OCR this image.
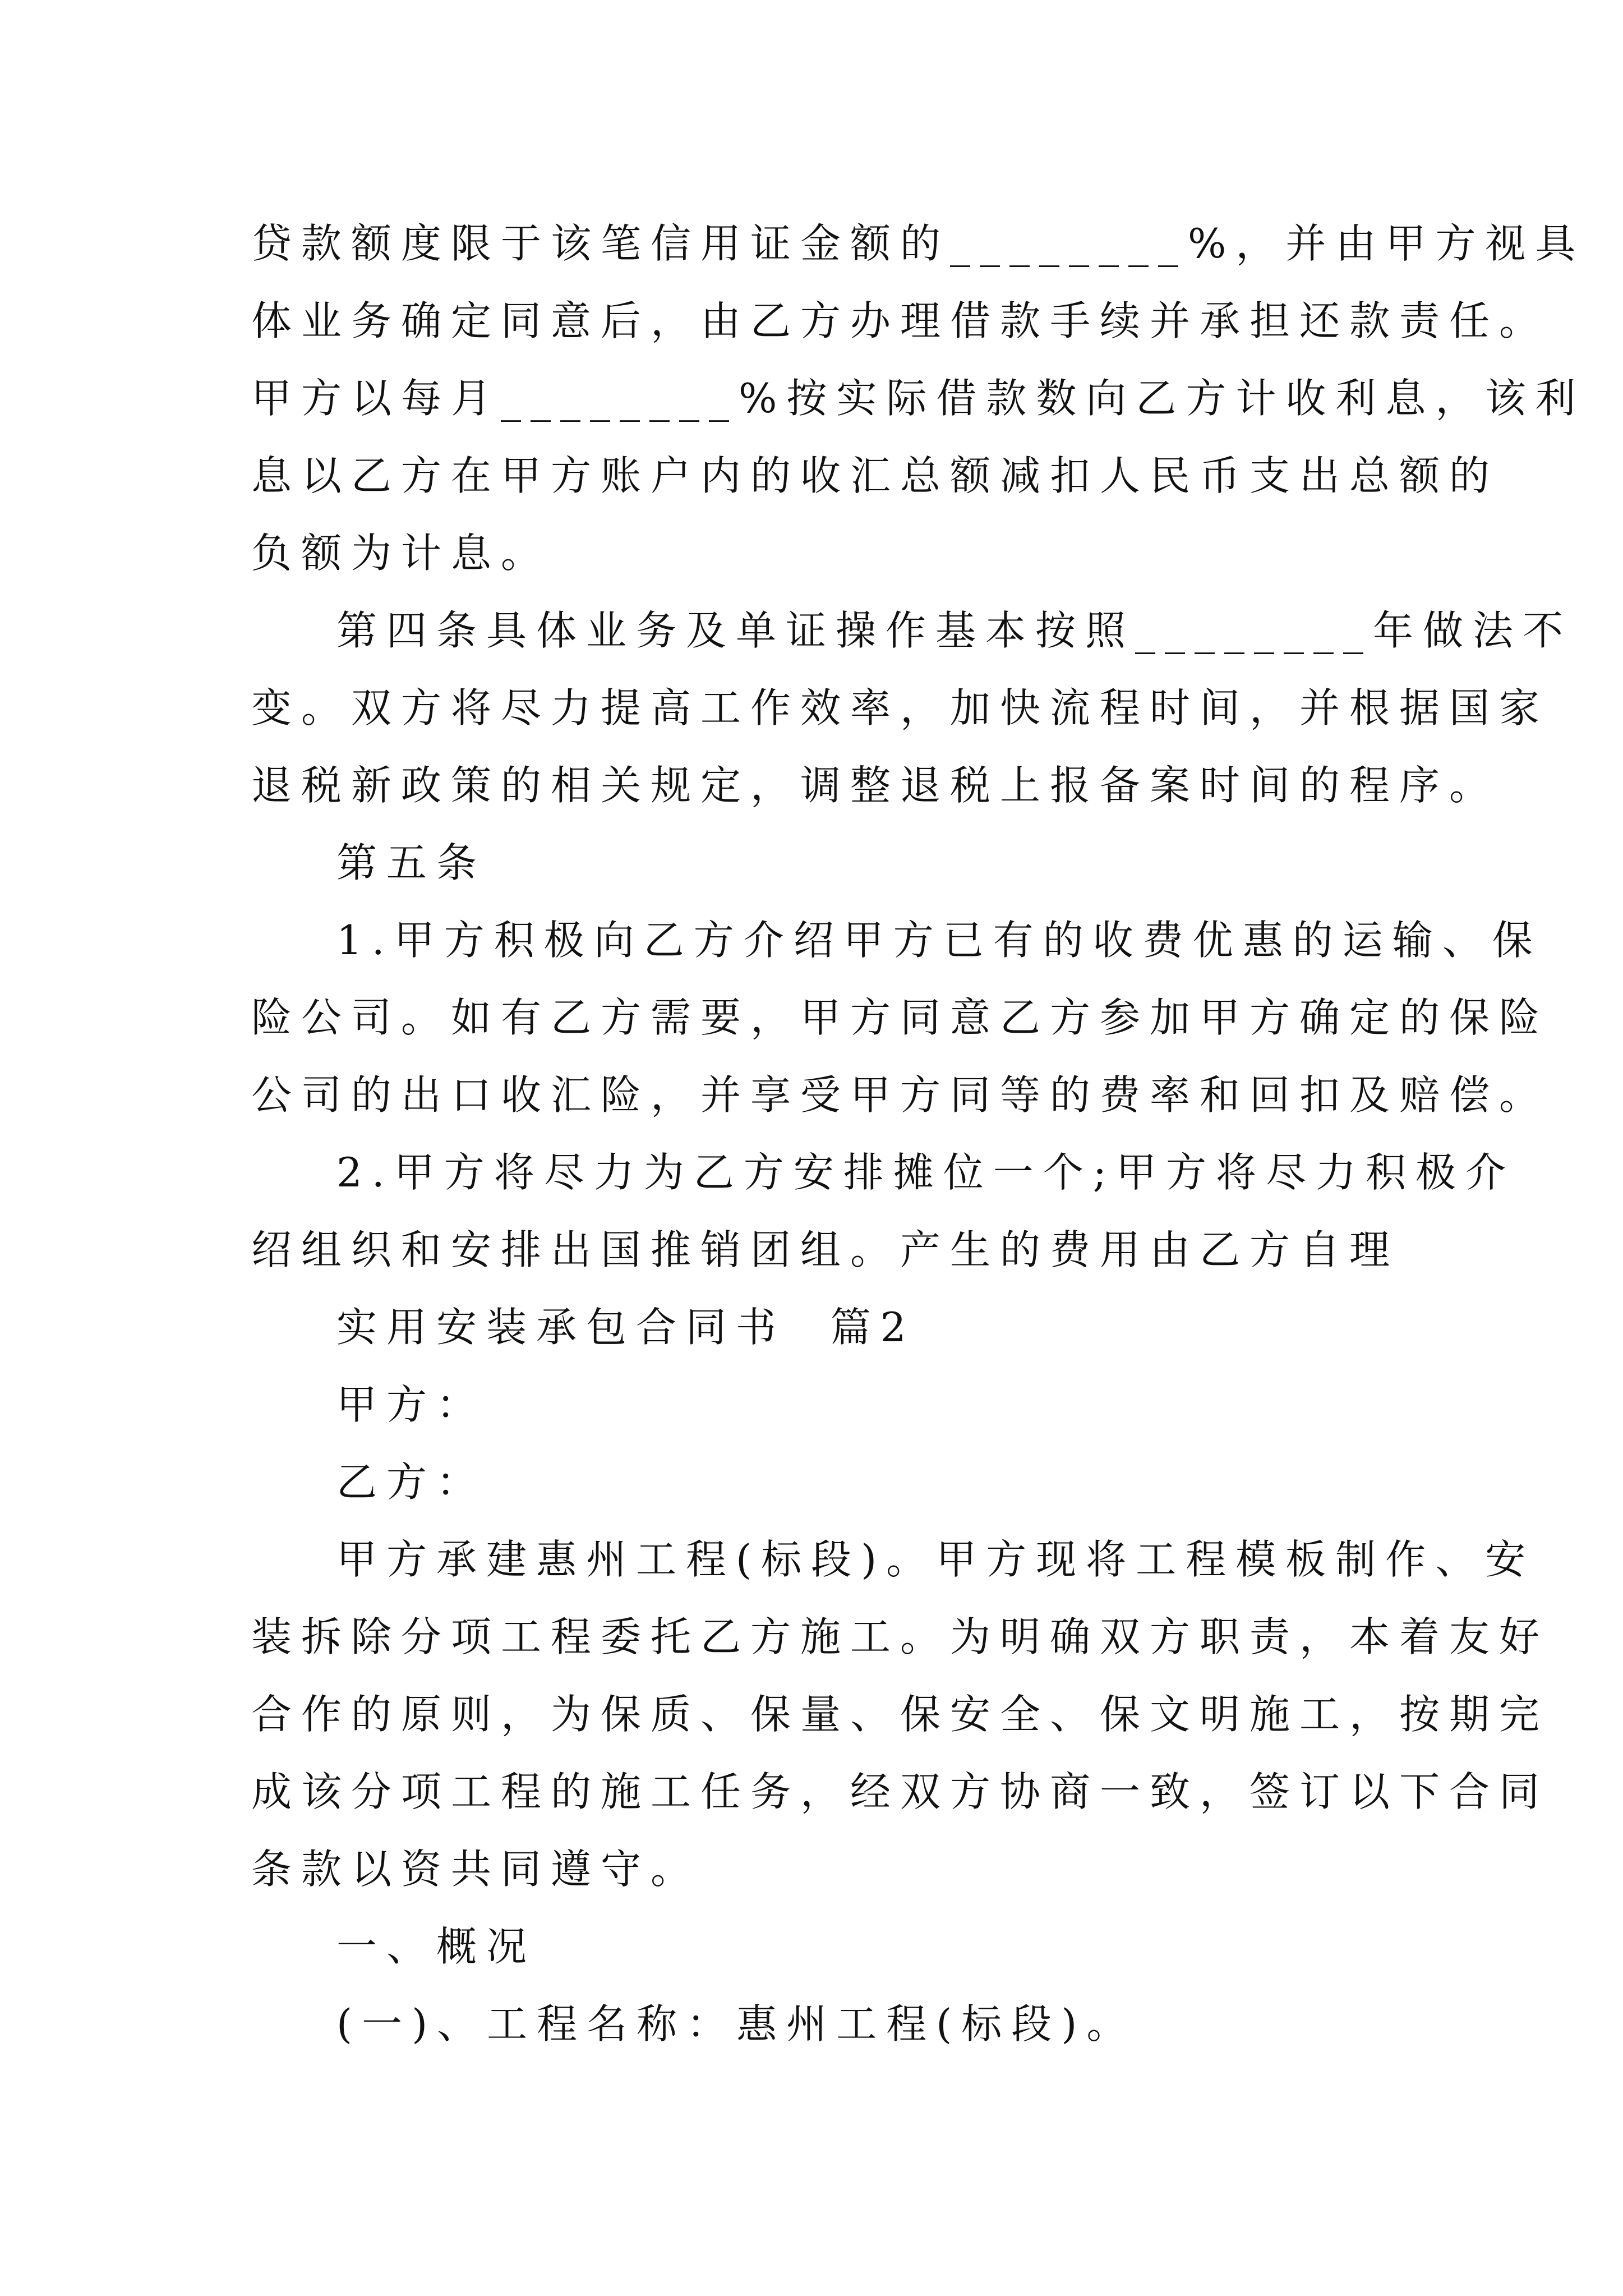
贷款额度限于该笔信用证金额的________%，并由甲方视具
体业务确定同意后，由乙方办理借款手续并承担还款责任。
甲方以每月________%按实际借款数向乙方计收利息，该利
息以乙方在甲方账户内的收汇总额减扣人民币支出总额的
负额为计息。
第四条具体业务及单证操作基本按照________年做法不
变。双方将尽力提高工作效率，加快流程时间，并根据国家
退税新政策的相关规定，调整退税上报备案时间的程序。
第五条
1.甲方积极向乙方介绍甲方已有的收费优惠的运输、保
险公司。如有乙方需要，甲方同意乙方参加甲方确定的保险
公司的出口收汇险，并享受甲方同等的费率和回扣及赔偿。
2.甲方将尽力为乙方安排摊位一个;甲方将尽力积极介
绍组织和安排出国推销团组。产生的费用由乙方自理
实用安装承包合同书  篇2
甲方：
乙方：
甲方承建惠州工程(标段)。甲方现将工程模板制作、安
装拆除分项工程委托乙方施工。为明确双方职责，本着友好
合作的原则，为保质、保量、保安全、保文明施工，按期完
成该分项工程的施工任务，经双方协商一致，签订以下合同
条款以资共同遵守。
一、概况
(一)、工程名称：惠州工程(标段)。
